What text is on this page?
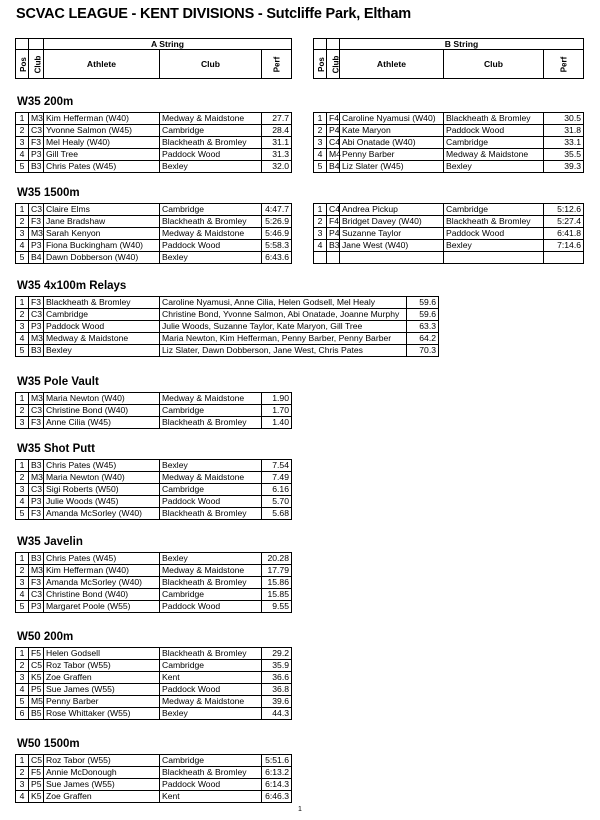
SCVAC LEAGUE - KENT DIVISIONS - Sutcliffe Park, Eltham
		A String		
Pos	Club	Athlete	Club	Perf
		B String		
Pos	Club	Athlete	Club	Perf
W35 200m
1	M3	Kim Hefferman (W40)	Medway & Maidstone	27.7
2	C3	Yvonne Salmon (W45)	Cambridge	28.4
3	F3	Mel Healy (W40)	Blackheath & Bromley	31.1
4	P3	Gill Tree	Paddock Wood	31.3
5	B3	Chris Pates (W45)	Bexley	32.0
1	F4	Caroline Nyamusi (W40)	Blackheath & Bromley	30.5
2	P4	Kate Maryon	Paddock Wood	31.8
3	C4	Abi Onatade (W40)	Cambridge	33.1
4	M4	Penny Barber	Medway & Maidstone	35.5
5	B4	Liz Slater (W45)	Bexley	39.3
W35 1500m
1	C3	Claire Elms	Cambridge	4:47.7
2	F3	Jane Bradshaw	Blackheath & Bromley	5:26.9
3	M3	Sarah Kenyon	Medway & Maidstone	5:46.9
4	P3	Fiona Buckingham (W40)	Paddock Wood	5:58.3
5	B4	Dawn Dobberson (W40)	Bexley	6:43.6
1	C4	Andrea Pickup	Cambridge	5:12.6
2	F4	Bridget Davey (W40)	Blackheath & Bromley	5:27.4
3	P4	Suzanne Taylor	Paddock Wood	6:41.8
4	B3	Jane West (W40)	Bexley	7:14.6

W35 4x100m Relays
1	F3	Blackheath & Bromley	Caroline Nyamusi, Anne Cilia, Helen Godsell, Mel Healy	59.6
2	C3	Cambridge	Christine Bond, Yvonne Salmon, Abi Onatade, Joanne Murphy	59.6
3	P3	Paddock Wood	Julie Woods, Suzanne Taylor, Kate Maryon, Gill Tree	63.3
4	M3	Medway & Maidstone	Maria Newton, Kim Hefferman, Penny Barber, Penny Barber	64.2
5	B3	Bexley	Liz Slater, Dawn Dobberson, Jane West, Chris Pates	70.3
W35 Pole Vault
1	M3	Maria Newton (W40)	Medway & Maidstone	1.90
2	C3	Christine Bond (W40)	Cambridge	1.70
3	F3	Anne Cilia (W45)	Blackheath & Bromley	1.40
W35 Shot Putt
1	B3	Chris Pates (W45)	Bexley	7.54
2	M3	Maria Newton (W40)	Medway & Maidstone	7.49
3	C3	Sigi Roberts (W50)	Cambridge	6.16
4	P3	Julie Woods (W45)	Paddock Wood	5.70
5	F3	Amanda McSorley (W40)	Blackheath & Bromley	5.68
W35 Javelin
1	B3	Chris Pates (W45)	Bexley	20.28
2	M3	Kim Hefferman (W40)	Medway & Maidstone	17.79
3	F3	Amanda McSorley (W40)	Blackheath & Bromley	15.86
4	C3	Christine Bond (W40)	Cambridge	15.85
5	P3	Margaret Poole (W55)	Paddock Wood	9.55
W50 200m
1	F5	Helen Godsell	Blackheath & Bromley	29.2
2	C5	Roz Tabor (W55)	Cambridge	35.9
3	K5	Zoe Graffen	Kent	36.6
4	P5	Sue James (W55)	Paddock Wood	36.8
5	M5	Penny Barber	Medway & Maidstone	39.6
6	B5	Rose Whittaker (W55)	Bexley	44.3
W50 1500m
1	C5	Roz Tabor (W55)	Cambridge	5:51.6
2	F5	Annie McDonough	Blackheath & Bromley	6:13.2
3	P5	Sue James (W55)	Paddock Wood	6:14.3
4	K5	Zoe Graffen	Kent	6:46.3
1
